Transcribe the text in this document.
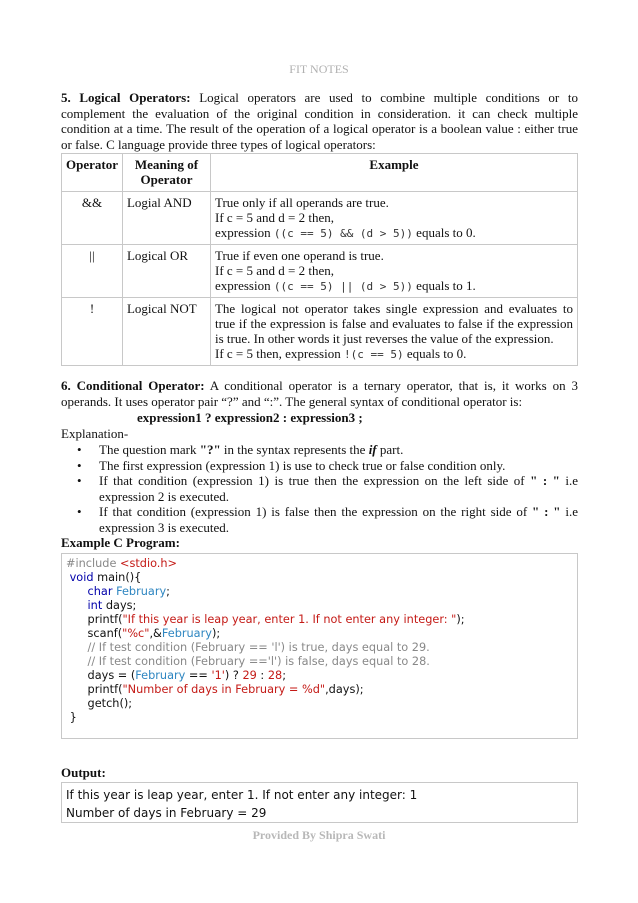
FIT NOTES

5. Logical Operators: Logical operators are used to combine multiple conditions or to complement the evaluation of the original condition in consideration. it can check multiple condition at a time. The result of the operation of a logical operator is a boolean value : either true or false. C language provide three types of logical operators:

Operator	Meaning of Operator	Example
&&	Logial AND	True only if all operands are true.
If c = 5 and d = 2 then,
expression ((c == 5) && (d > 5)) equals to 0.

||	Logical OR	True if even one operand is true.
If c = 5 and d = 2 then,
expression ((c == 5) || (d > 5)) equals to 1.

!	Logical NOT	The logical not operator takes single expression and evaluates to true if the expression is false and evaluates to false if the expression is true. In other words it just reverses the value of the expression.
If c = 5 then, expression !(c == 5) equals to 0.

6. Conditional Operator: A conditional operator is a ternary operator, that is, it works on 3 operands. It uses operator pair “?” and “:”. The general syntax of conditional operator is:

expression1 ? expression2 : expression3 ;
Explanation-
• The question mark "?" in the syntax represents the if part.
• The first expression (expression 1) is use to check true or false condition only.
• If that condition (expression 1) is true then the expression on the left side of " : " i.e expression 2 is executed.
• If that condition (expression 1) is false then the expression on the right side of " : " i.e expression 3 is executed.
Example C Program:
#include <stdio.h>
void main(){
char February;
int days;
printf("If this year is leap year, enter 1. If not enter any integer: ");
scanf("%c",&February);
// If test condition (February == 'l') is true, days equal to 29.
// If test condition (February =='l') is false, days equal to 28.
days = (February == '1') ? 29 : 28;
printf("Number of days in February = %d",days);
getch();
}
Output:
If this year is leap year, enter 1. If not enter any integer: 1
Number of days in February = 29
Provided By Shipra Swati
